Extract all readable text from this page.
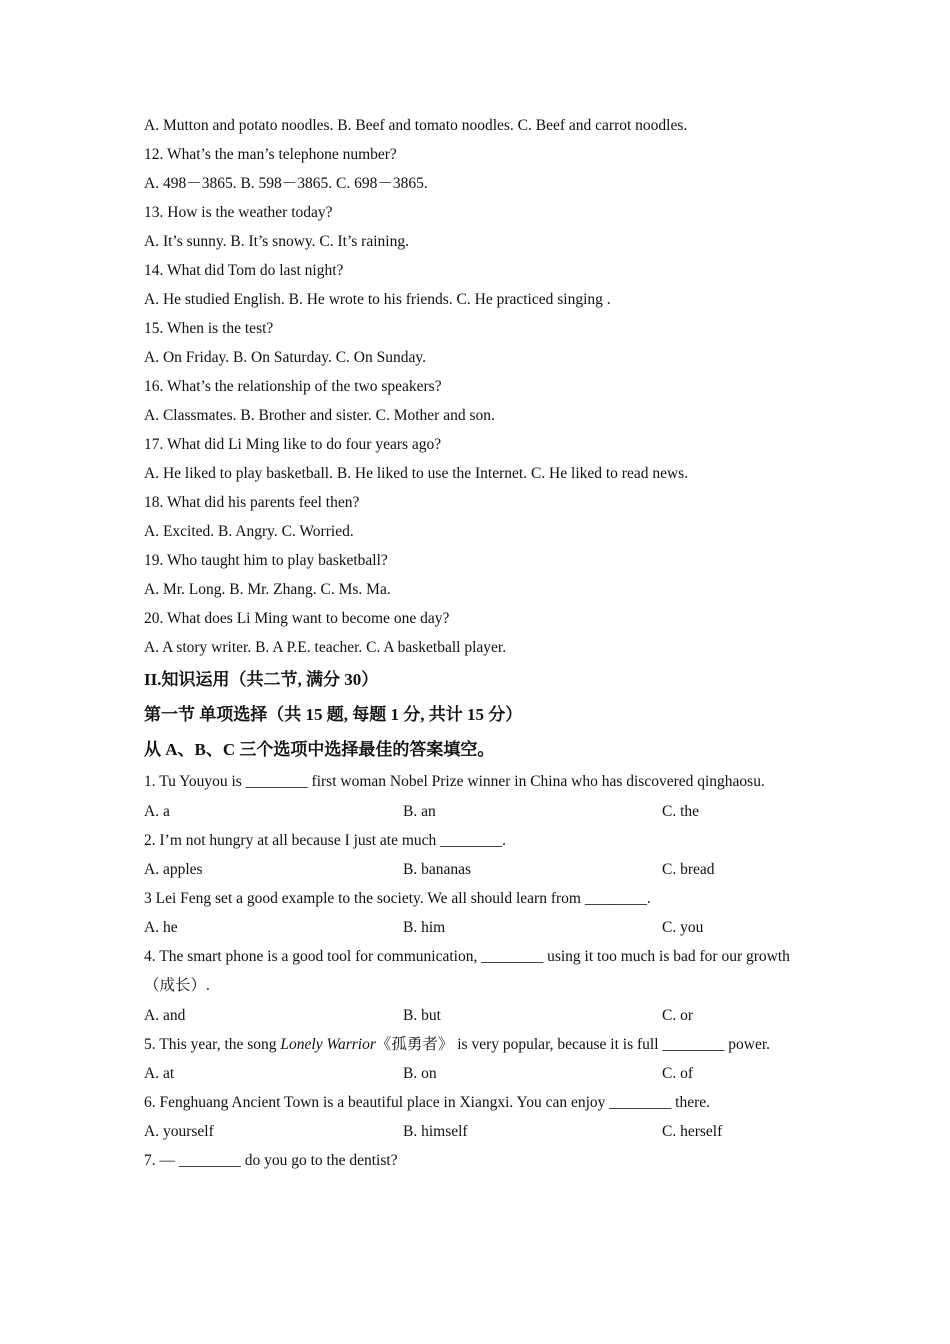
A. Mutton and potato noodles. B. Beef and tomato noodles. C. Beef and carrot noodles.
12. What’s the man’s telephone number?
A. 498－3865. B. 598－3865. C. 698－3865.
13. How is the weather today?
A. It’s sunny. B. It’s snowy. C. It’s raining.
14. What did Tom do last night?
A. He studied English. B. He wrote to his friends. C. He practiced singing .
15. When is the test?
A. On Friday. B. On Saturday. C. On Sunday.
16. What’s the relationship of the two speakers?
A. Classmates. B. Brother and sister. C. Mother and son.
17. What did Li Ming like to do four years ago?
A. He liked to play basketball. B. He liked to use the Internet. C. He liked to read news.
18. What did his parents feel then?
A. Excited. B. Angry. C. Worried.
19. Who taught him to play basketball?
A. Mr. Long. B. Mr. Zhang. C. Ms. Ma.
20. What does Li Ming want to become one day?
A. A story writer. B. A P.E. teacher. C. A basketball player.
II.知识运用（共二节, 满分 30）
第一节 单项选择（共 15 题, 每题 1 分, 共计 15 分）
从 A、B、C 三个选项中选择最佳的答案填空。
1. Tu Youyou is ________ first woman Nobel Prize winner in China who has discovered qinghaosu.
A. a	B. an	C. the
2. I’m not hungry at all because I just ate much ________.
A. apples	B. bananas	C. bread
3 Lei Feng set a good example to the society. We all should learn from ________.
A. he	B. him	C. you
4. The smart phone is a good tool for communication, ________ using it too much is bad for our growth（成长）.
A. and	B. but	C. or
5. This year, the song Lonely Warrior《孤勇者》 is very popular, because it is full ________ power.
A. at	B. on	C. of
6. Fenghuang Ancient Town is a beautiful place in Xiangxi. You can enjoy ________ there.
A. yourself	B. himself	C. herself
7. — ________ do you go to the dentist?
